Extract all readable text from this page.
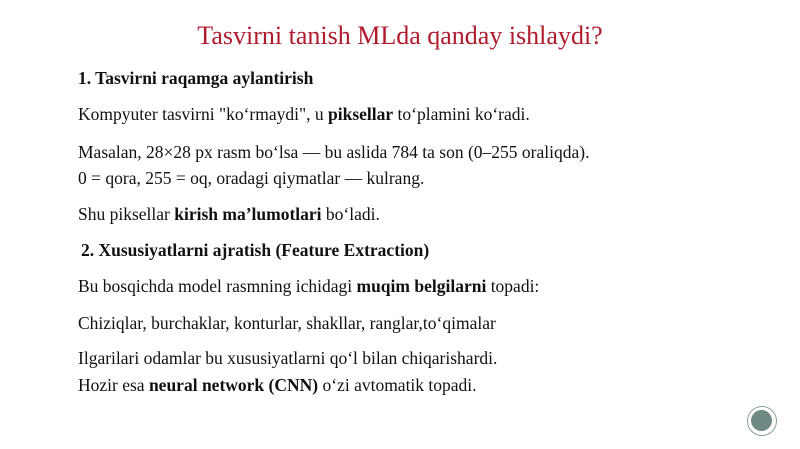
Tasvirni tanish MLda qanday ishlaydi?
1. Tasvirni raqamga aylantirish
Kompyuter tasvirni "ko‘rmaydi", u piksellar to‘plamini ko‘radi.
Masalan, 28×28 px rasm bo‘lsa — bu aslida 784 ta son (0–255 oraliqda).
0 = qora, 255 = oq, oradagi qiymatlar — kulrang.
Shu piksellar kirish ma’lumotlari bo‘ladi.
2. Xususiyatlarni ajratish (Feature Extraction)
Bu bosqichda model rasmning ichidagi muqim belgilarni topadi:
Chiziqlar, burchaklar, konturlar, shakllar, ranglar,to‘qimalar
Ilgarilari odamlar bu xususiyatlarni qo‘l bilan chiqarishardi.
Hozir esa neural network (CNN) o‘zi avtomatik topadi.
